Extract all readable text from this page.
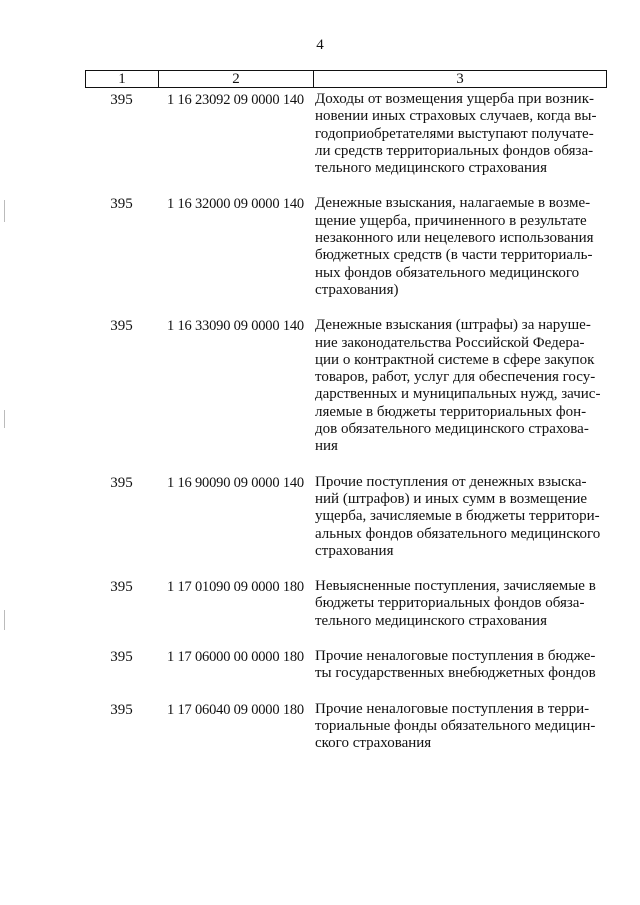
4
1	2	3
395	1 16 23092 09 0000 140 Доходы от возмещения ущерба при возник-
новении иных страховых случаев, когда вы-
годоприобретателями выступают получате-
ли средств территориальных фондов обяза-
тельного медицинского страхования
395	1 16 32000 09 0000 140 Денежные взыскания, налагаемые в возме-
щение ущерба, причиненного в результате
незаконного или нецелевого использования
бюджетных средств (в части территориаль-
ных фондов обязательного медицинского
страхования)
395	1 16 33090 09 0000 140 Денежные взыскания (штрафы) за наруше-
ние законодательства Российской Федера-
ции о контрактной системе в сфере закупок
товаров, работ, услуг для обеспечения госу-
дарственных и муниципальных нужд, зачис-
ляемые в бюджеты территориальных фон-
дов обязательного медицинского страхова-
ния
395	1 16 90090 09 0000 140 Прочие поступления от денежных взыска-
ний (штрафов) и иных сумм в возмещение
ущерба, зачисляемые в бюджеты территори-
альных фондов обязательного медицинского
страхования
395	1 17 01090 09 0000 180 Невыясненные поступления, зачисляемые в
бюджеты территориальных фондов обяза-
тельного медицинского страхования
395	1 17 06000 00 0000 180 Прочие неналоговые поступления в бюдже-
ты государственных внебюджетных фондов
395	1 17 06040 09 0000 180 Прочие неналоговые поступления в терри-
ториальные фонды обязательного медицин-
ского страхования
